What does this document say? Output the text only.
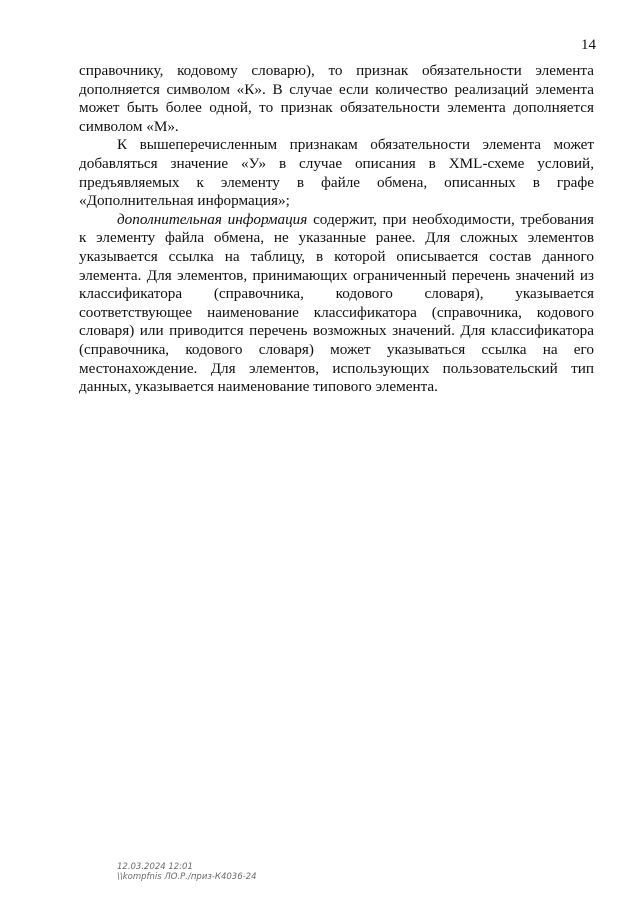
14

справочнику, кодовому словарю), то признак обязательности элемента дополняется символом «К». В случае если количество реализаций элемента может быть более одной, то признак обязательности элемента дополняется символом «М».

К вышеперечисленным признакам обязательности элемента может добавляться значение «У» в случае описания в XML-схеме условий, предъявляемых к элементу в файле обмена, описанных в графе «Дополнительная информация»;

дополнительная информация содержит, при необходимости, требования к элементу файла обмена, не указанные ранее. Для сложных элементов указывается ссылка на таблицу, в которой описывается состав данного элемента. Для элементов, принимающих ограниченный перечень значений из классификатора (справочника, кодового словаря), указывается соответствующее наименование классификатора (справочника, кодового словаря) или приводится перечень возможных значений. Для классификатора (справочника, кодового словаря) может указываться ссылка на его местонахождение. Для элементов, использующих пользовательский тип данных, указывается наименование типового элемента.

12.03.2024 12:01
\\kompfnis ЛО.Р./приз-К4036-24
